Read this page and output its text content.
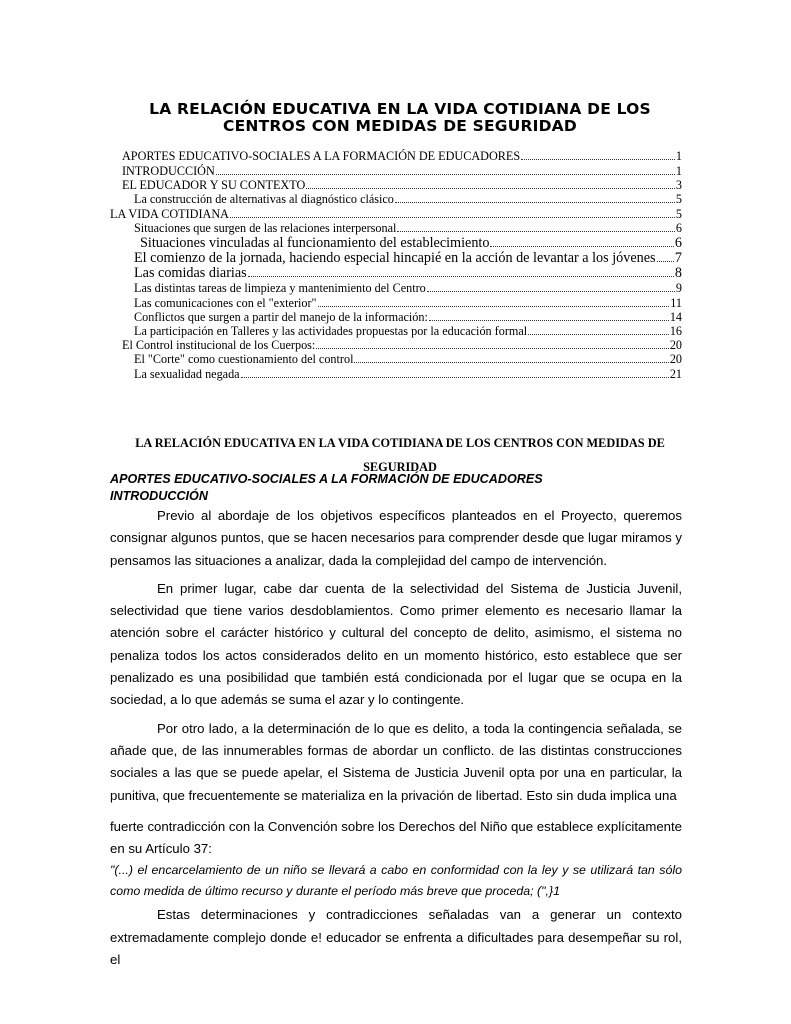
LA RELACIÓN EDUCATIVA EN LA VIDA COTIDIANA DE LOS
CENTROS CON MEDIDAS DE SEGURIDAD
APORTES EDUCATIVO-SOCIALES A LA FORMACIÓN DE EDUCADORES	1
INTRODUCCIÓN	1
EL EDUCADOR Y SU CONTEXTO	3
La construcción de alternativas al diagnóstico clásico	5
LA VIDA COTIDIANA	5
Situaciones que surgen de las relaciones interpersonal	6
Situaciones vinculadas al funcionamiento del establecimiento	6
El comienzo de la jornada, haciendo especial hincapié en la acción de levantar a los jóvenes 7
Las comidas diarias	8
Las distintas tareas de limpieza y mantenimiento del Centro	9
Las comunicaciones con el "exterior"	11
Conflictos que surgen a partir del manejo de la información:	14
La participación en Talleres y las actividades propuestas por la educación formal	16
El Control institucional de los Cuerpos:	20
El "Corte" como cuestionamiento del control	20
La sexualidad negada	21
LA RELACIÓN EDUCATIVA EN LA VIDA COTIDIANA DE LOS CENTROS CON MEDIDAS DE
SEGURIDAD
APORTES EDUCATIVO-SOCIALES A LA FORMACIÓN DE EDUCADORES
INTRODUCCIÓN

Previo al abordaje de los objetivos específicos planteados en el Proyecto, queremos consignar algunos puntos, que se hacen necesarios para comprender desde que lugar miramos y pensamos las situaciones a analizar, dada la complejidad del campo de intervención.

En primer lugar, cabe dar cuenta de la selectividad del Sistema de Justicia Juvenil, selectividad que tiene varios desdoblamientos. Como primer elemento es necesario llamar la atención sobre el carácter histórico y cultural del concepto de delito, asimismo, el sistema no penaliza todos los actos considerados delito en un momento histórico, esto establece que ser penalizado es una posibilidad que también está condicionada por el lugar que se ocupa en la sociedad, a lo que además se suma el azar y lo contingente.

Por otro lado, a la determinación de lo que es delito, a toda la contingencia señalada, se añade que, de las innumerables formas de abordar un conflicto. de las distintas construcciones sociales a las que se puede apelar, el Sistema de Justicia Juvenil opta por una en particular, la punitiva, que frecuentemente se materializa en la privación de libertad. Esto sin duda implica una

fuerte contradicción con la Convención sobre los Derechos del Niño que establece explícitamente en su Artículo 37:

"(...) el encarcelamiento de un niño se llevará a cabo en conformidad con la ley y se utilizará tan sólo como medida de último recurso y durante el período más breve que proceda; (",}1

Estas determinaciones y contradicciones señaladas van a generar un contexto extremadamente complejo donde e! educador se enfrenta a dificultades para desempeñar su rol, el
